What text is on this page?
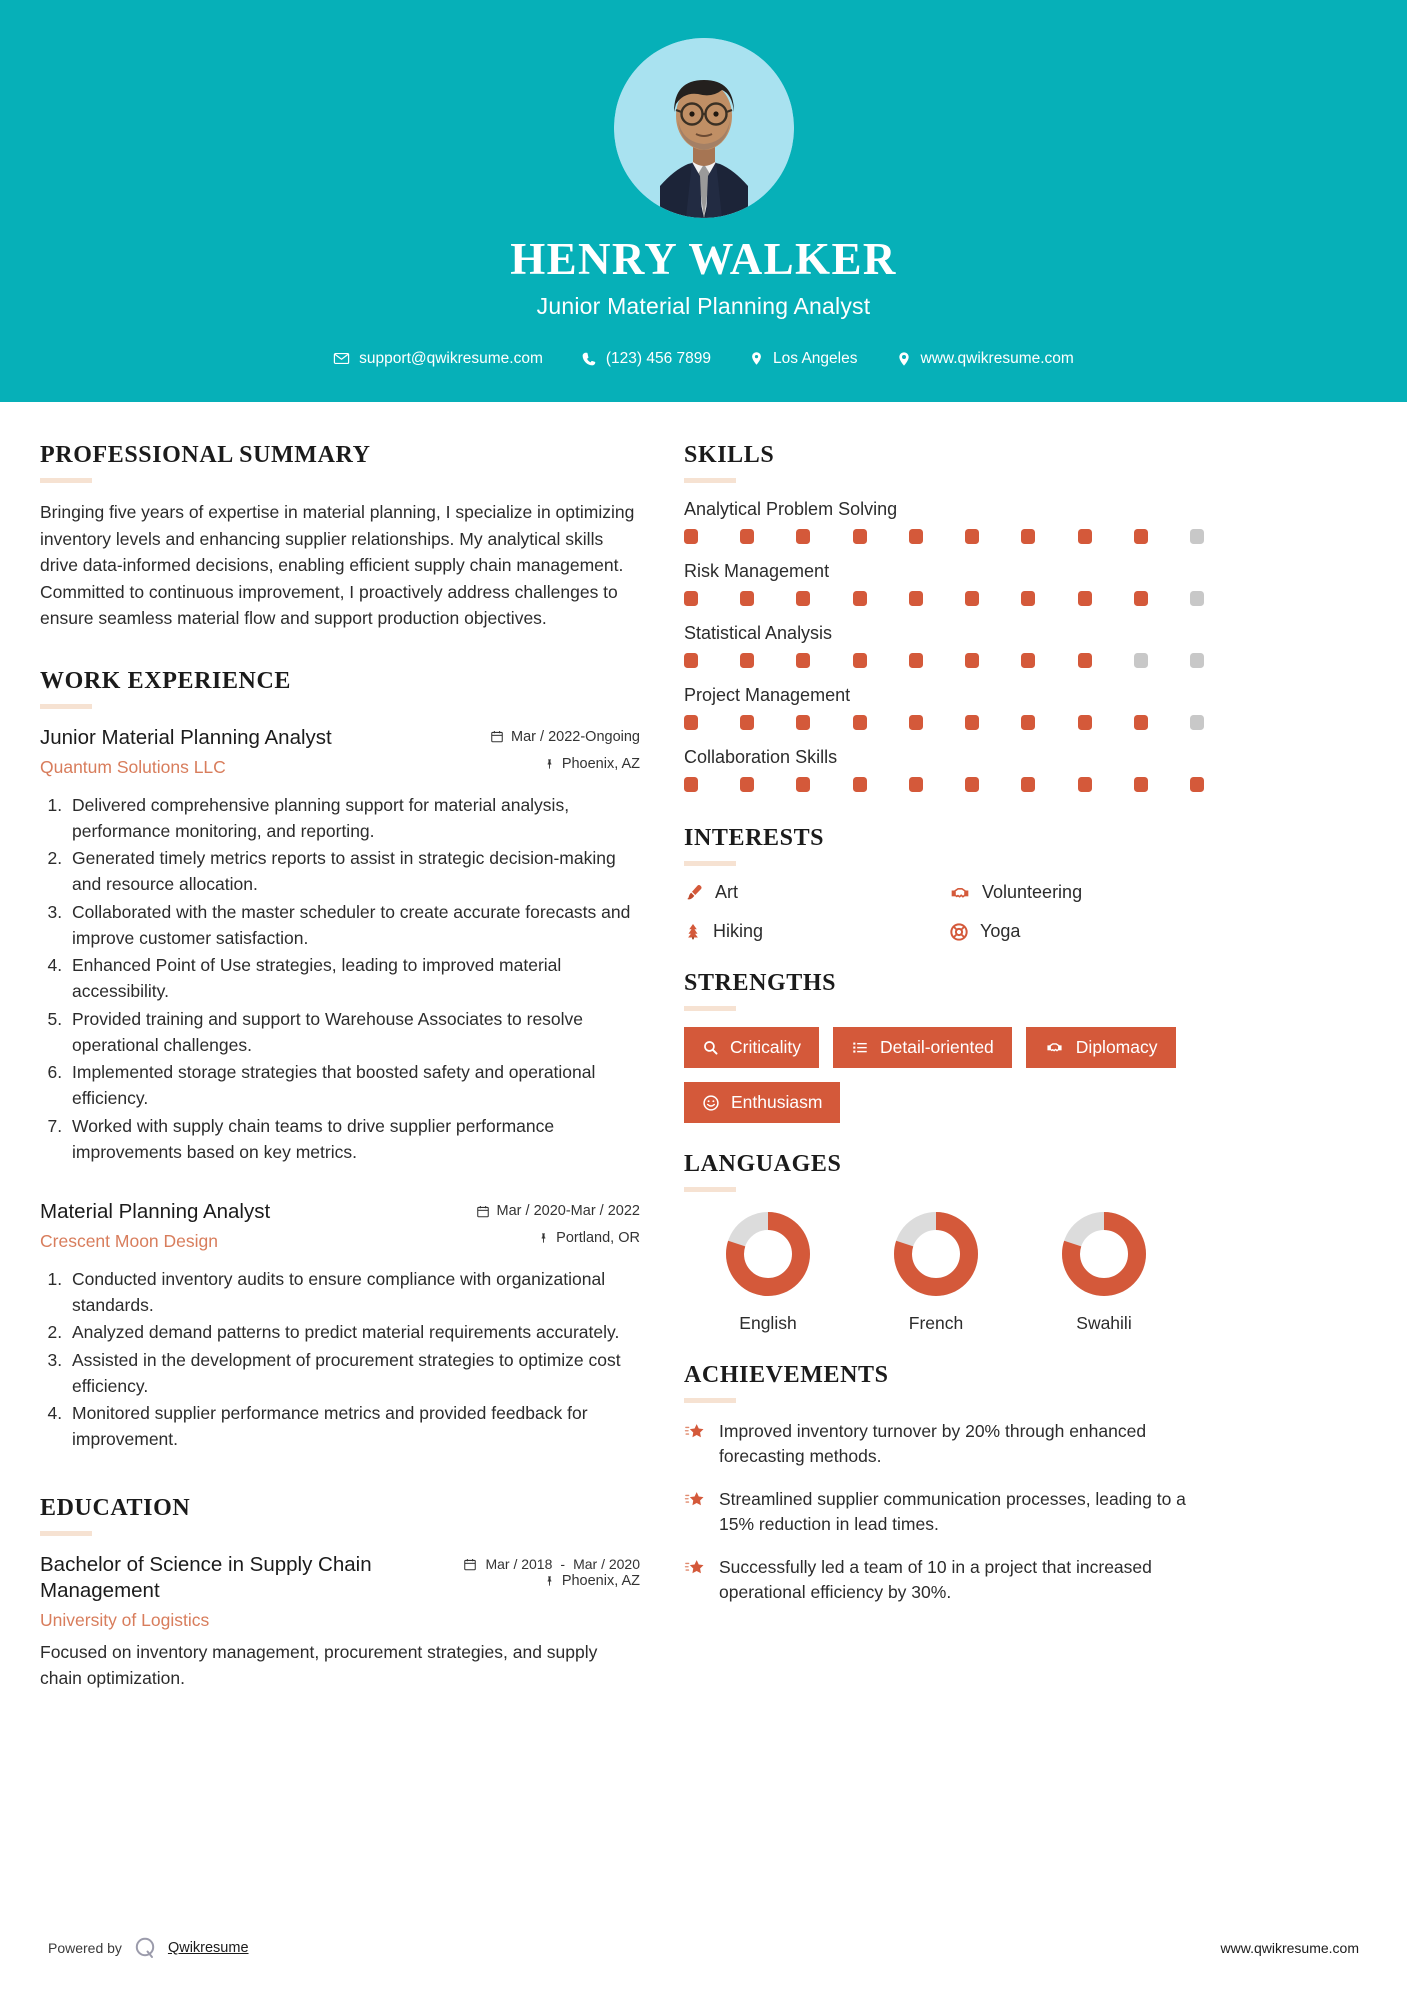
HENRY WALKER
Junior Material Planning Analyst
support@qwikresume.com	(123) 456 7899	Los Angeles	www.qwikresume.com
PROFESSIONAL SUMMARY
Bringing five years of expertise in material planning, I specialize in optimizing inventory levels and enhancing supplier relationships. My analytical skills drive data-informed decisions, enabling efficient supply chain management. Committed to continuous improvement, I proactively address challenges to ensure seamless material flow and support production objectives.
WORK EXPERIENCE
Junior Material Planning Analyst
Quantum Solutions LLC
Mar / 2022-Ongoing
Phoenix, AZ
1. Delivered comprehensive planning support for material analysis, performance monitoring, and reporting.
2. Generated timely metrics reports to assist in strategic decision-making and resource allocation.
3. Collaborated with the master scheduler to create accurate forecasts and improve customer satisfaction.
4. Enhanced Point of Use strategies, leading to improved material accessibility.
5. Provided training and support to Warehouse Associates to resolve operational challenges.
6. Implemented storage strategies that boosted safety and operational efficiency.
7. Worked with supply chain teams to drive supplier performance improvements based on key metrics.
Material Planning Analyst
Crescent Moon Design
Mar / 2020-Mar / 2022
Portland, OR
1. Conducted inventory audits to ensure compliance with organizational standards.
2. Analyzed demand patterns to predict material requirements accurately.
3. Assisted in the development of procurement strategies to optimize cost efficiency.
4. Monitored supplier performance metrics and provided feedback for improvement.
EDUCATION
Bachelor of Science in Supply Chain Management
University of Logistics
Mar / 2018 - Mar / 2020
Phoenix, AZ
Focused on inventory management, procurement strategies, and supply chain optimization.
SKILLS
Analytical Problem Solving
Risk Management
Statistical Analysis
Project Management
Collaboration Skills
INTERESTS
Art	Volunteering
Hiking	Yoga
STRENGTHS
Criticality	Detail-oriented	Diplomacy
Enthusiasm
LANGUAGES
English	French	Swahili
ACHIEVEMENTS
Improved inventory turnover by 20% through enhanced forecasting methods.
Streamlined supplier communication processes, leading to a 15% reduction in lead times.
Successfully led a team of 10 in a project that increased operational efficiency by 30%.
Powered by	Qwikresume	www.qwikresume.com
